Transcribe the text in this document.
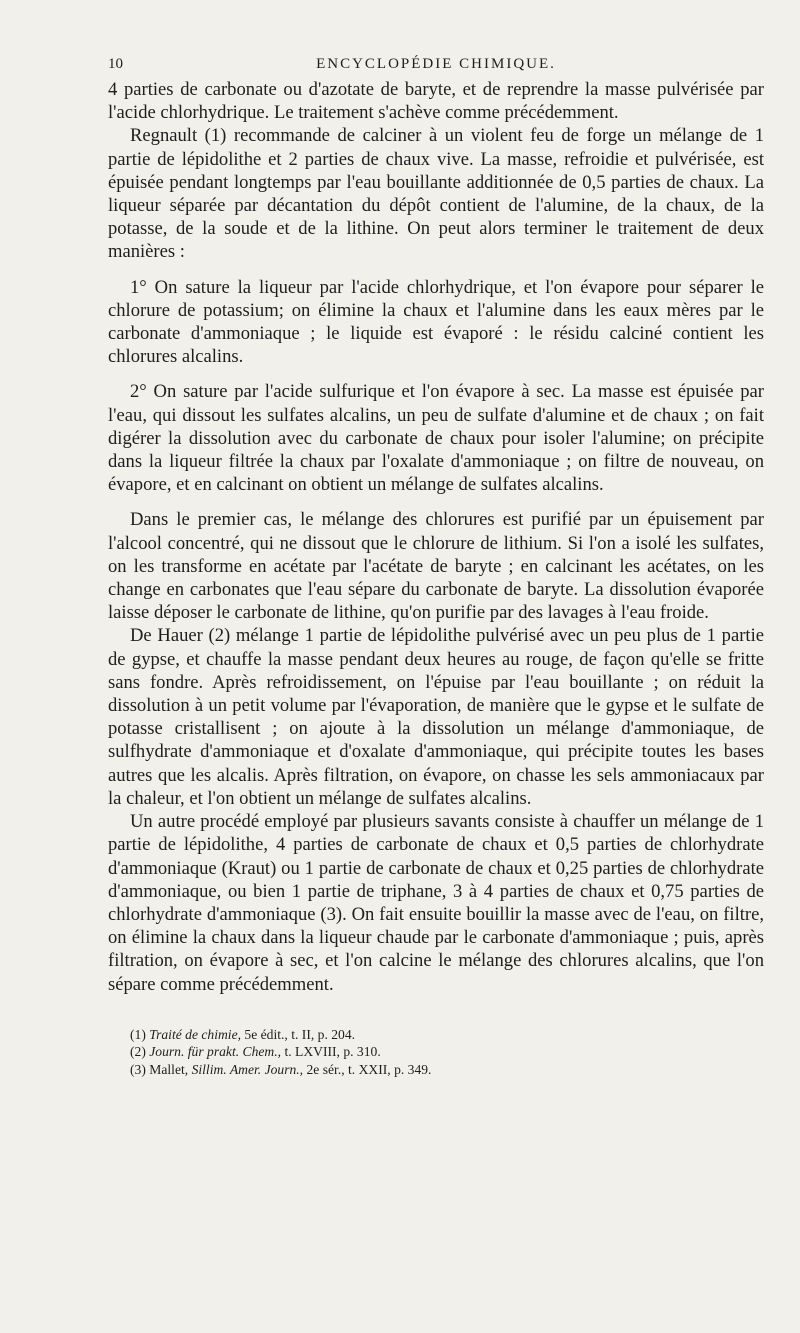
10	ENCYCLOPÉDIE CHIMIQUE.

4 parties de carbonate ou d'azotate de baryte, et de reprendre la masse pulvérisée par l'acide chlorhydrique. Le traitement s'achève comme précédemment.

Regnault (1) recommande de calciner à un violent feu de forge un mélange de 1 partie de lépidolithe et 2 parties de chaux vive. La masse, refroidie et pulvérisée, est épuisée pendant longtemps par l'eau bouillante additionnée de 0,5 parties de chaux. La liqueur séparée par décantation du dépôt contient de l'alumine, de la chaux, de la potasse, de la soude et de la lithine. On peut alors terminer le traitement de deux manières :

1° On sature la liqueur par l'acide chlorhydrique, et l'on évapore pour séparer le chlorure de potassium; on élimine la chaux et l'alumine dans les eaux mères par le carbonate d'ammoniaque ; le liquide est évaporé : le résidu calciné contient les chlorures alcalins.

2° On sature par l'acide sulfurique et l'on évapore à sec. La masse est épuisée par l'eau, qui dissout les sulfates alcalins, un peu de sulfate d'alumine et de chaux ; on fait digérer la dissolution avec du carbonate de chaux pour isoler l'alumine; on précipite dans la liqueur filtrée la chaux par l'oxalate d'ammoniaque ; on filtre de nouveau, on évapore, et en calcinant on obtient un mélange de sulfates alcalins.

Dans le premier cas, le mélange des chlorures est purifié par un épuisement par l'alcool concentré, qui ne dissout que le chlorure de lithium. Si l'on a isolé les sulfates, on les transforme en acétate par l'acétate de baryte ; en calcinant les acétates, on les change en carbonates que l'eau sépare du carbonate de baryte. La dissolution évaporée laisse déposer le carbonate de lithine, qu'on purifie par des lavages à l'eau froide.

De Hauer (2) mélange 1 partie de lépidolithe pulvérisé avec un peu plus de 1 partie de gypse, et chauffe la masse pendant deux heures au rouge, de façon qu'elle se fritte sans fondre. Après refroidissement, on l'épuise par l'eau bouillante ; on réduit la dissolution à un petit volume par l'évaporation, de manière que le gypse et le sulfate de potasse cristallisent ; on ajoute à la dissolution un mélange d'ammoniaque, de sulfhydrate d'ammoniaque et d'oxalate d'ammoniaque, qui précipite toutes les bases autres que les alcalis. Après filtration, on évapore, on chasse les sels ammoniacaux par la chaleur, et l'on obtient un mélange de sulfates alcalins.

Un autre procédé employé par plusieurs savants consiste à chauffer un mélange de 1 partie de lépidolithe, 4 parties de carbonate de chaux et 0,5 parties de chlorhydrate d'ammoniaque (Kraut) ou 1 partie de carbonate de chaux et 0,25 parties de chlorhydrate d'ammoniaque, ou bien 1 partie de triphane, 3 à 4 parties de chaux et 0,75 parties de chlorhydrate d'ammoniaque (3). On fait ensuite bouillir la masse avec de l'eau, on filtre, on élimine la chaux dans la liqueur chaude par le carbonate d'ammoniaque ; puis, après filtration, on évapore à sec, et l'on calcine le mélange des chlorures alcalins, que l'on sépare comme précédemment.

(1) Traité de chimie, 5e édit., t. II, p. 204.

(2) Journ. für prakt. Chem., t. LXVIII, p. 310.

(3) Mallet, Sillim. Amer. Journ., 2e sér., t. XXII, p. 349.
